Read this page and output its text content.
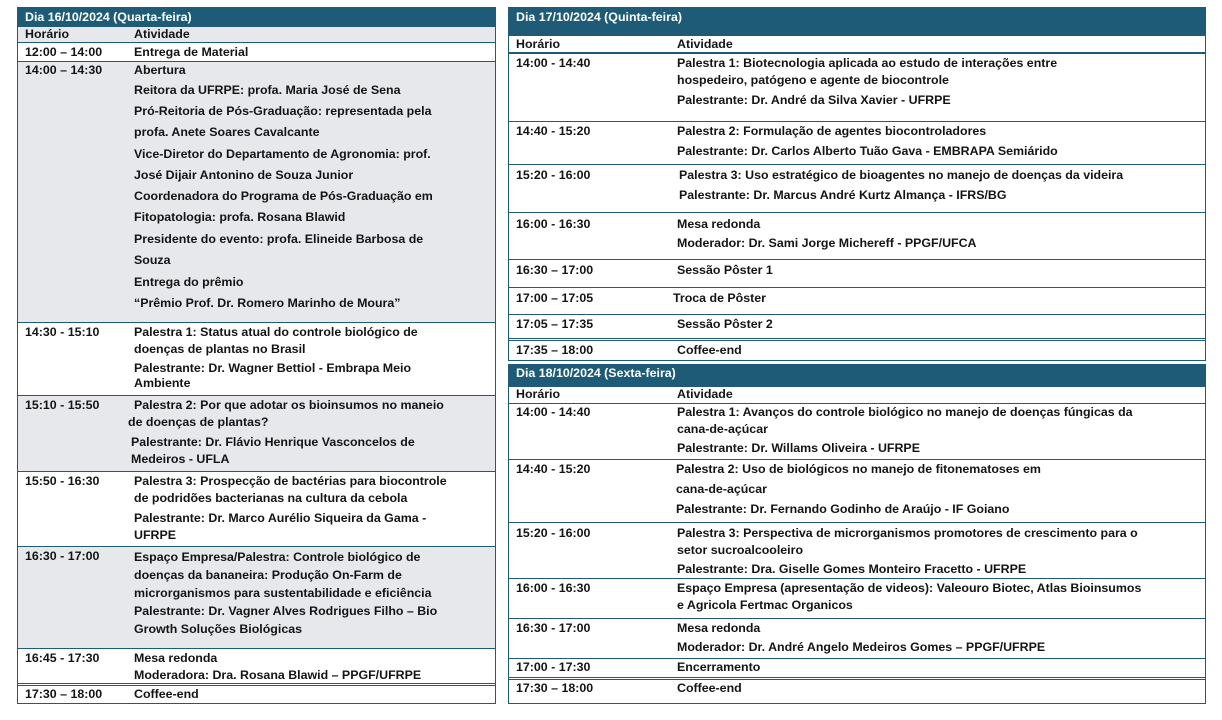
Dia 16/10/2024 (Quarta-feira)
Horário	Atividade
12:00 – 14:00	Entrega de Material
14:00 – 14:30	Abertura
Reitora da UFRPE: profa. Maria José de Sena
Pró-Reitoria de Pós-Graduação: representada pela
profa. Anete Soares Cavalcante
Vice-Diretor do Departamento de Agronomia: prof.
José Dijair Antonino de Souza Junior
Coordenadora do Programa de Pós-Graduação em
Fitopatologia: profa. Rosana Blawid
Presidente do evento: profa. Elineide Barbosa de
Souza
Entrega do prêmio
“Prêmio Prof. Dr. Romero Marinho de Moura”
14:30 - 15:10	Palestra 1: Status atual do controle biológico de
doenças de plantas no Brasil
Palestrante: Dr. Wagner Bettiol - Embrapa Meio
Ambiente
15:10 - 15:50	Palestra 2: Por que adotar os bioinsumos no maneio
de doenças de plantas?
Palestrante: Dr. Flávio Henrique Vasconcelos de
Medeiros - UFLA
15:50 - 16:30	Palestra 3: Prospecção de bactérias para biocontrole
de podridões bacterianas na cultura da cebola
Palestrante: Dr. Marco Aurélio Siqueira da Gama -
UFRPE
16:30 - 17:00	Espaço Empresa/Palestra: Controle biológico de
doenças da bananeira: Produção On-Farm de
microrganismos para sustentabilidade e eficiência
Palestrante: Dr. Vagner Alves Rodrigues Filho – Bio
Growth Soluções Biológicas
16:45 - 17:30	Mesa redonda
Moderadora: Dra. Rosana Blawid – PPGF/UFRPE
17:30 – 18:00	Coffee-end
Dia 17/10/2024 (Quinta-feira)
Horário	Atividade
14:00 - 14:40	Palestra 1: Biotecnologia aplicada ao estudo de interações entre
hospedeiro, patógeno e agente de biocontrole
Palestrante: Dr. André da Silva Xavier - UFRPE
14:40 - 15:20	Palestra 2: Formulação de agentes biocontroladores
Palestrante: Dr. Carlos Alberto Tuão Gava - EMBRAPA Semiárido
15:20 - 16:00	Palestra 3: Uso estratégico de bioagentes no manejo de doenças da videira
Palestrante: Dr. Marcus André Kurtz Almança - IFRS/BG
16:00 - 16:30	Mesa redonda
Moderador: Dr. Sami Jorge Michereff - PPGF/UFCA
16:30 – 17:00	Sessão Pôster 1
17:00 – 17:05	Troca de Pôster
17:05 – 17:35	Sessão Pôster 2
17:35 – 18:00	Coffee-end
Dia 18/10/2024 (Sexta-feira)
Horário	Atividade
14:00 - 14:40	Palestra 1: Avanços do controle biológico no manejo de doenças fúngicas da
cana-de-açúcar
Palestrante: Dr. Willams Oliveira - UFRPE
14:40 - 15:20	Palestra 2: Uso de biológicos no manejo de fitonematoses em
cana-de-açúcar
Palestrante: Dr. Fernando Godinho de Araújo - IF Goiano
15:20 - 16:00	Palestra 3: Perspectiva de microrganismos promotores de crescimento para o
setor sucroalcooleiro
Palestrante: Dra. Giselle Gomes Monteiro Fracetto - UFRPE
16:00 - 16:30	Espaço Empresa (apresentação de videos): Valeouro Biotec, Atlas Bioinsumos
e Agricola Fertmac Organicos
16:30 - 17:00	Mesa redonda
Moderador: Dr. André Angelo Medeiros Gomes – PPGF/UFRPE
17:00 - 17:30	Encerramento
17:30 – 18:00	Coffee-end
